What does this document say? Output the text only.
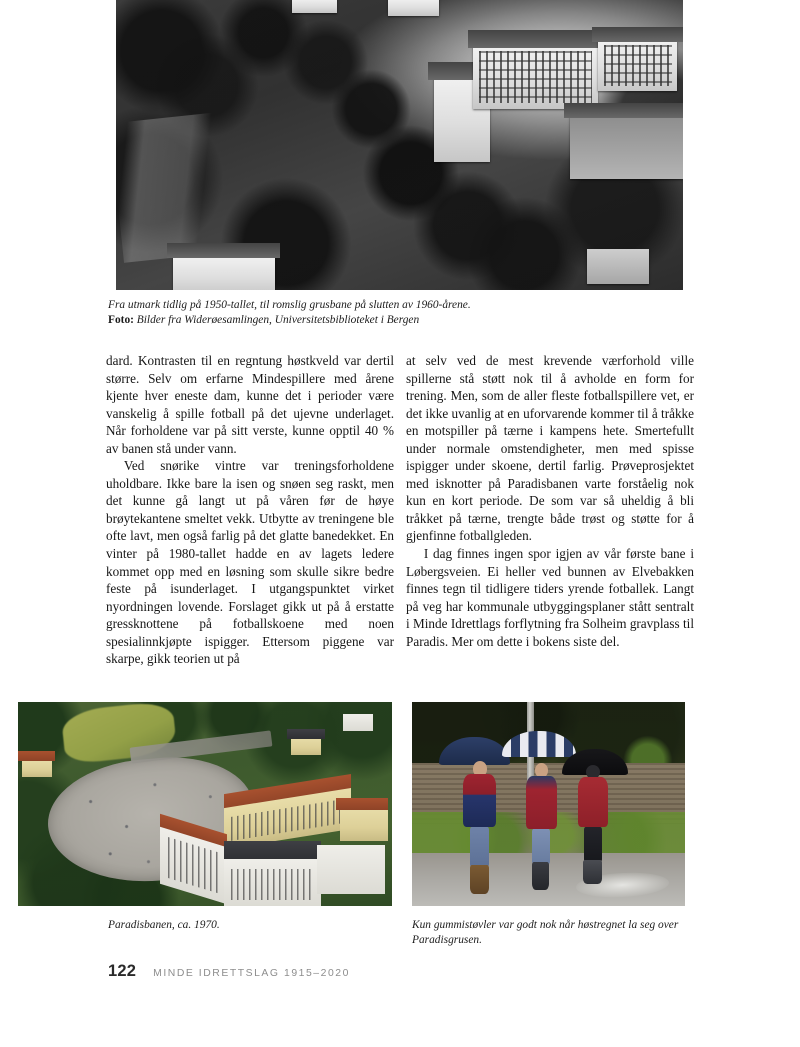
Fra utmark tidlig på 1950-tallet, til romslig grusbane på slutten av 1960-årene.
Foto: Bilder fra Widerøesamlingen, Universitetsbiblioteket i Bergen

dard. Kontrasten til en regntung høstkveld var dertil større. Selv om erfarne Mindespillere med årene kjente hver eneste dam, kunne det i perioder være vanskelig å spille fotball på det ujevne underlaget. Når forholdene var på sitt verste, kunne opptil 40 % av banen stå under vann.

Ved snørike vintre var treningsforholdene uholdbare. Ikke bare la isen og snøen seg raskt, men det kunne gå langt ut på våren før de høye brøytekantene smeltet vekk. Utbytte av treningene ble ofte lavt, men også farlig på det glatte banedekket. En vinter på 1980-tallet hadde en av lagets ledere kommet opp med en løsning som skulle sikre bedre feste på isunderlaget. I utgangspunktet virket nyordningen lovende. Forslaget gikk ut på å erstatte gressknottene på fotballskoene med noen spesialinnkjøpte ispigger. Ettersom piggene var skarpe, gikk teorien ut på

at selv ved de mest krevende værforhold ville spillerne stå støtt nok til å avholde en form for trening. Men, som de aller fleste fotballspillere vet, er det ikke uvanlig at en uforvarende kommer til å tråkke en motspiller på tærne i kampens hete. Smertefullt under normale omstendigheter, men med spisse ispigger under skoene, dertil farlig. Prøveprosjektet med isknotter på Paradisbanen varte forståelig nok kun en kort periode. De som var så uheldig å bli tråkket på tærne, trengte både trøst og støtte for å gjenfinne fotballgleden.

I dag finnes ingen spor igjen av vår første bane i Løbergsveien. Ei heller ved bunnen av Elvebakken finnes tegn til tidligere tiders yrende fotballek. Langt på veg har kommunale utbyggingsplaner stått sentralt i Minde Idrettlags forflytning fra Solheim gravplass til Paradis. Mer om dette i bokens siste del.

Paradisbanen, ca. 1970.	Kun gummistøvler var godt nok når høstregnet la seg over Paradisgrusen.
122 MINDE IDRETTSLAG 1915–2020
